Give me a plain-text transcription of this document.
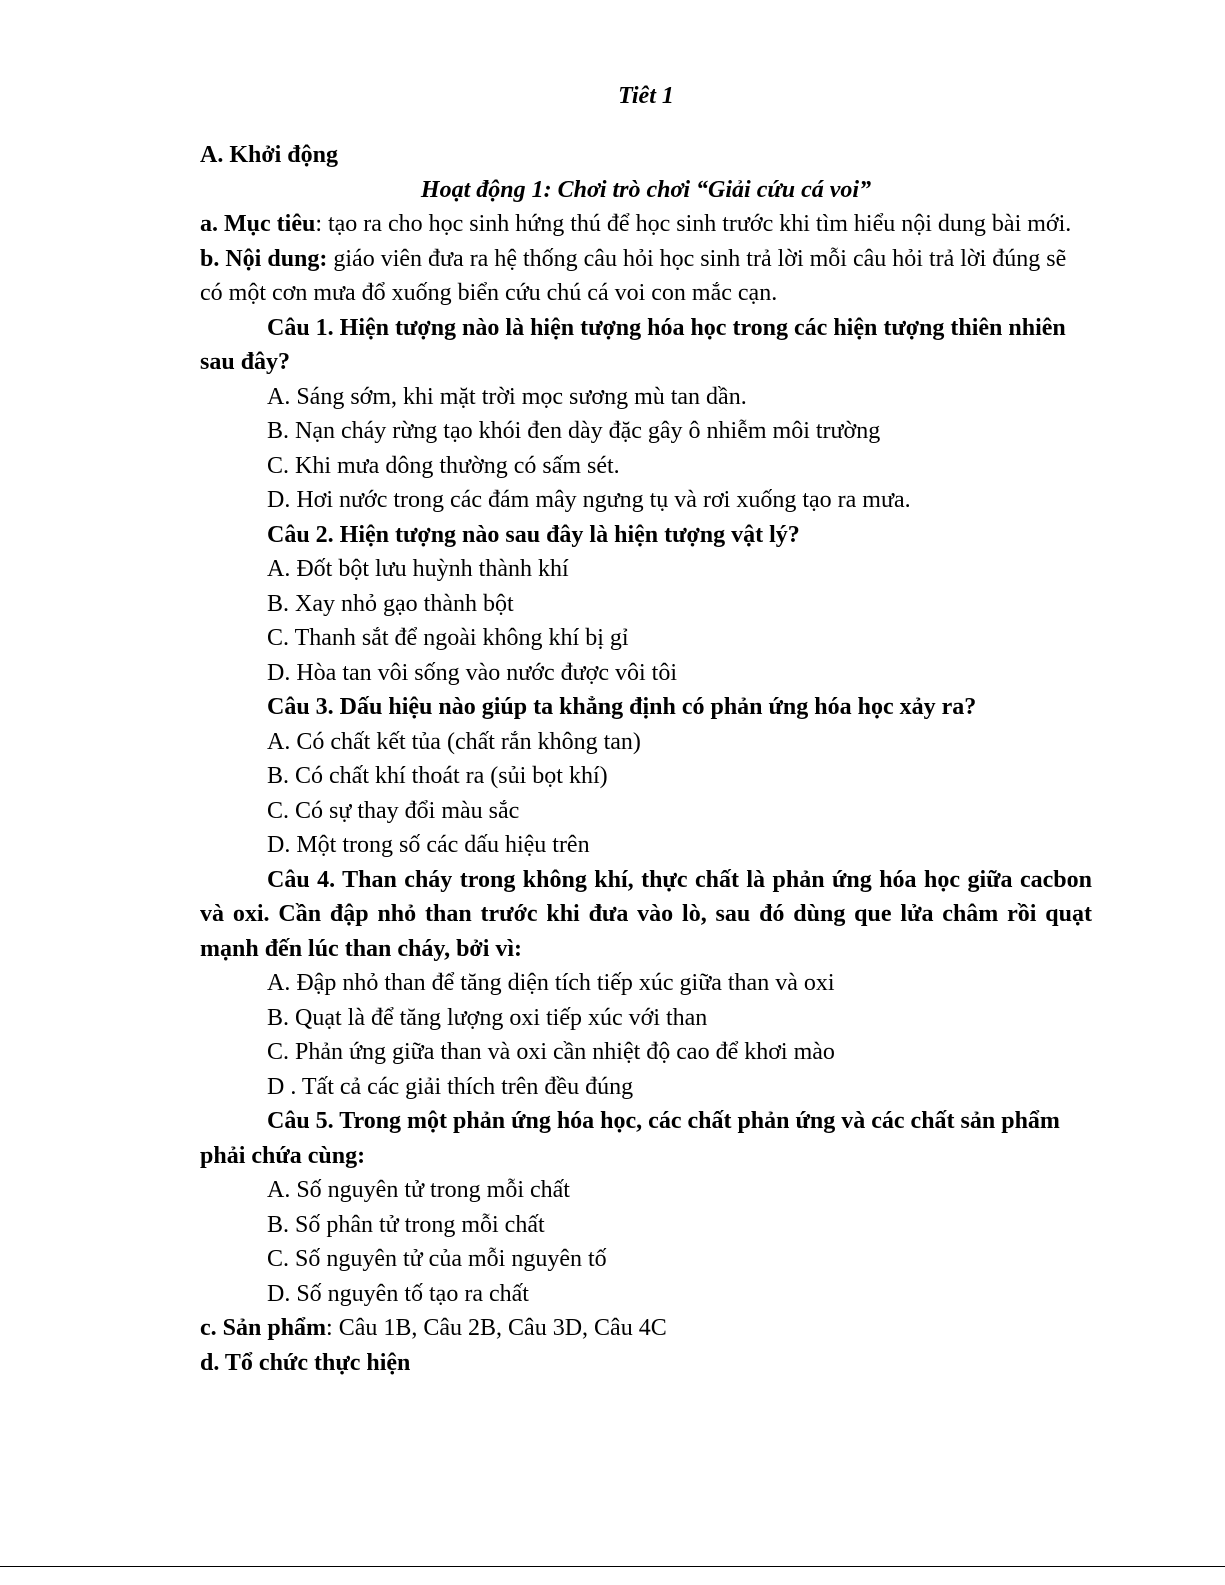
Tiêt 1

A. Khởi động

Hoạt động 1: Chơi trò chơi “Giải cứu cá voi”

a. Mục tiêu: tạo ra cho học sinh hứng thú để học sinh trước khi tìm hiểu nội dung bài mới.

b. Nội dung: giáo viên đưa ra hệ thống câu hỏi học sinh trả lời mỗi câu hỏi trả lời đúng sẽ có một cơn mưa đổ xuống biển cứu chú cá voi con mắc cạn.

Câu 1. Hiện tượng nào là hiện tượng hóa học trong các hiện tượng thiên nhiên sau đây?

A. Sáng sớm, khi mặt trời mọc sương mù tan dần.

B. Nạn cháy rừng tạo khói đen dày đặc gây ô nhiễm môi trường

C. Khi mưa dông thường có sấm sét.

D. Hơi nước trong các đám mây ngưng tụ và rơi xuống tạo ra mưa.

Câu 2. Hiện tượng nào sau đây là hiện tượng vật lý?

A. Đốt bột lưu huỳnh thành khí

B. Xay nhỏ gạo thành bột

C. Thanh sắt để ngoài không khí bị gỉ

D. Hòa tan vôi sống vào nước được vôi tôi

Câu 3. Dấu hiệu nào giúp ta khẳng định có phản ứng hóa học xảy ra?

A. Có chất kết tủa (chất rắn không tan)

B. Có chất khí thoát ra (sủi bọt khí)

C. Có sự thay đổi màu sắc

D. Một trong số các dấu hiệu trên

Câu 4. Than cháy trong không khí, thực chất là phản ứng hóa học giữa cacbon và oxi. Cần đập nhỏ than trước khi đưa vào lò, sau đó dùng que lửa châm rồi quạt mạnh đến lúc than cháy, bởi vì:

A. Đập nhỏ than để tăng diện tích tiếp xúc giữa than và oxi

B. Quạt là để tăng lượng oxi tiếp xúc với than

C. Phản ứng giữa than và oxi cần nhiệt độ cao để khơi mào

D . Tất cả các giải thích trên đều đúng

Câu 5. Trong một phản ứng hóa học, các chất phản ứng và các chất sản phẩm phải chứa cùng:

A. Số nguyên tử trong mỗi chất

B. Số phân tử trong mỗi chất

C. Số nguyên tử của mỗi nguyên tố

D. Số nguyên tố tạo ra chất

c. Sản phẩm: Câu 1B, Câu 2B, Câu 3D, Câu 4C

d. Tổ chức thực hiện
